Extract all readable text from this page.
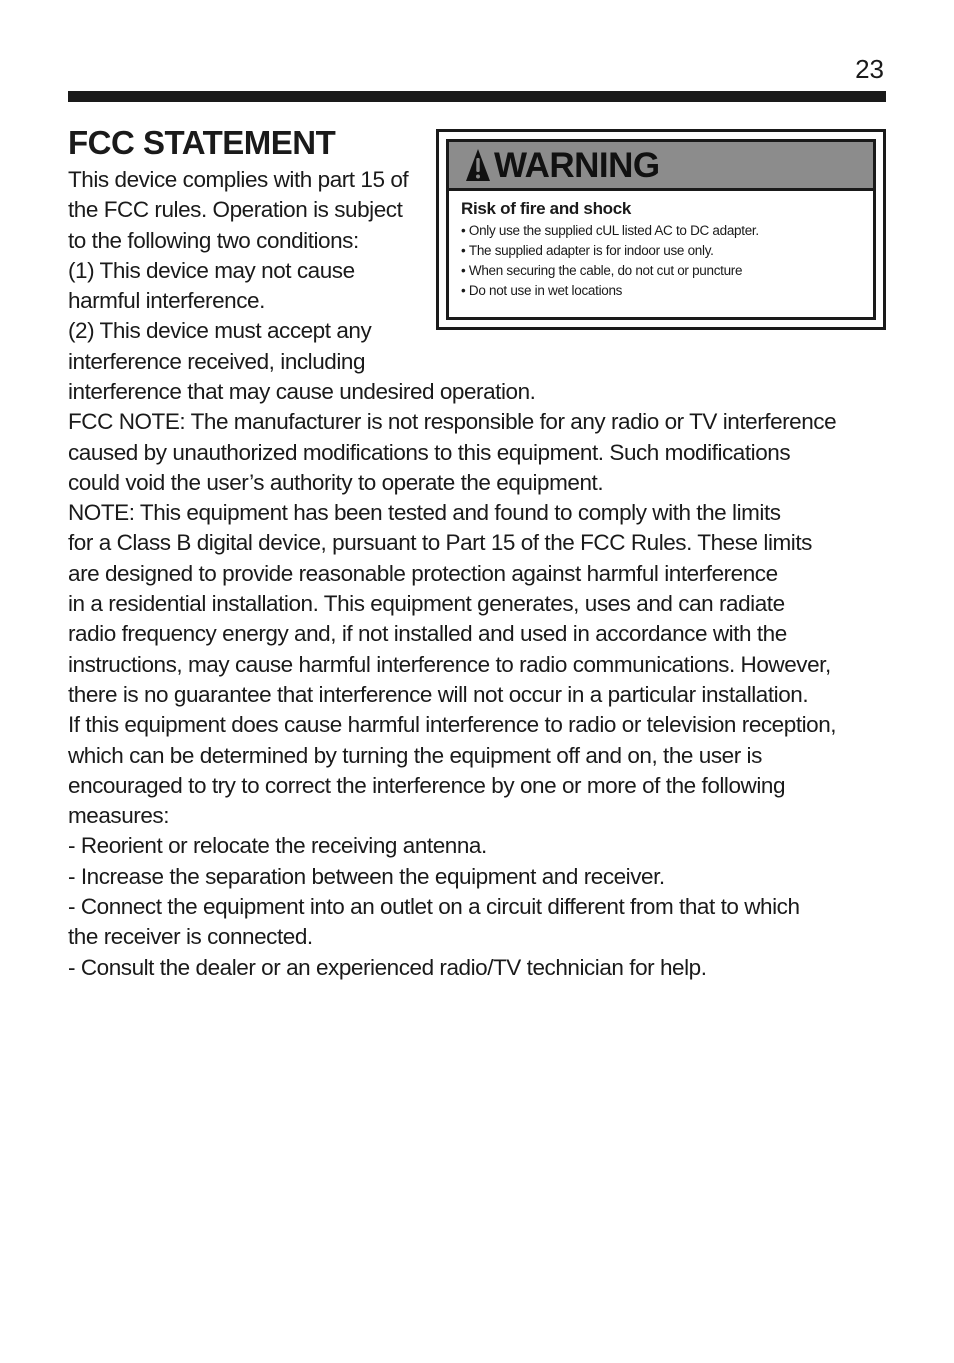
23
FCC STATEMENT
WARNING

Risk of fire and shock

• Only use the supplied cUL listed AC to DC adapter.
• The supplied adapter is for indoor use only.
• When securing the cable, do not cut or puncture
• Do not use in wet locations
This device complies with part 15 of
the FCC rules. Operation is subject
to the following two conditions:
(1) This device may not cause
harmful interference.
(2) This device must accept any
interference received, including
interference that may cause undesired operation.
FCC NOTE: The manufacturer is not responsible for any radio or TV interference
caused by unauthorized modifications to this equipment. Such modifications
could void the user’s authority to operate the equipment.
NOTE: This equipment has been tested and found to comply with the limits
for a Class B digital device, pursuant to Part 15 of the FCC Rules. These limits
are designed to provide reasonable protection against harmful interference
in a residential installation. This equipment generates, uses and can radiate
radio frequency energy and, if not installed and used in accordance with the
instructions, may cause harmful interference to radio communications. However,
there is no guarantee that interference will not occur in a particular installation.
If this equipment does cause harmful interference to radio or television reception,
which can be determined by turning the equipment off and on, the user is
encouraged to try to correct the interference by one or more of the following
measures:
- Reorient or relocate the receiving antenna.
- Increase the separation between the equipment and receiver.
- Connect the equipment into an outlet on a circuit different from that to which
the receiver is connected.
- Consult the dealer or an experienced radio/TV technician for help.
